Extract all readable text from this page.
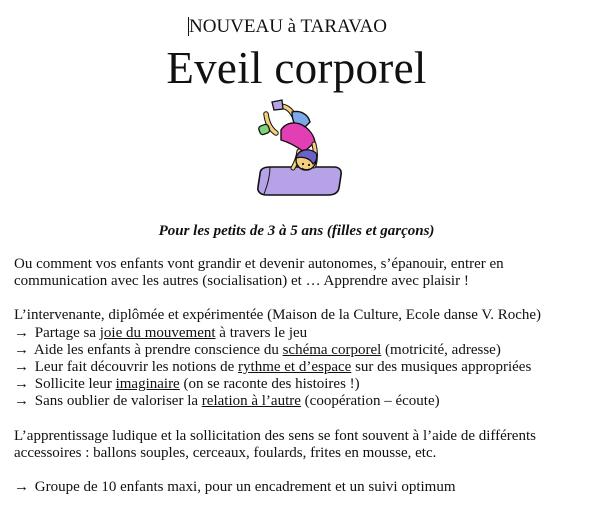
NOUVEAU à TARAVAO
Eveil corporel
Pour les petits de 3 à 5 ans (filles et garçons)

Ou comment vos enfants vont grandir et devenir autonomes, s’épanouir, entrer en

communication avec les autres (socialisation) et … Apprendre avec plaisir !

L’intervenante, diplômée et expérimentée (Maison de la Culture, Ecole danse V. Roche)

→ Partage sa joie du mouvement à travers le jeu

→ Aide les enfants à prendre conscience du schéma corporel (motricité, adresse)

→ Leur fait découvrir les notions de rythme et d’espace sur des musiques appropriées

→ Sollicite leur imaginaire (on se raconte des histoires !)

→ Sans oublier de valoriser la relation à l’autre (coopération – écoute)

L’apprentissage ludique et la sollicitation des sens se font souvent à l’aide de différents

accessoires : ballons souples, cerceaux, foulards, frites en mousse, etc.

→ Groupe de 10 enfants maxi, pour un encadrement et un suivi optimum
